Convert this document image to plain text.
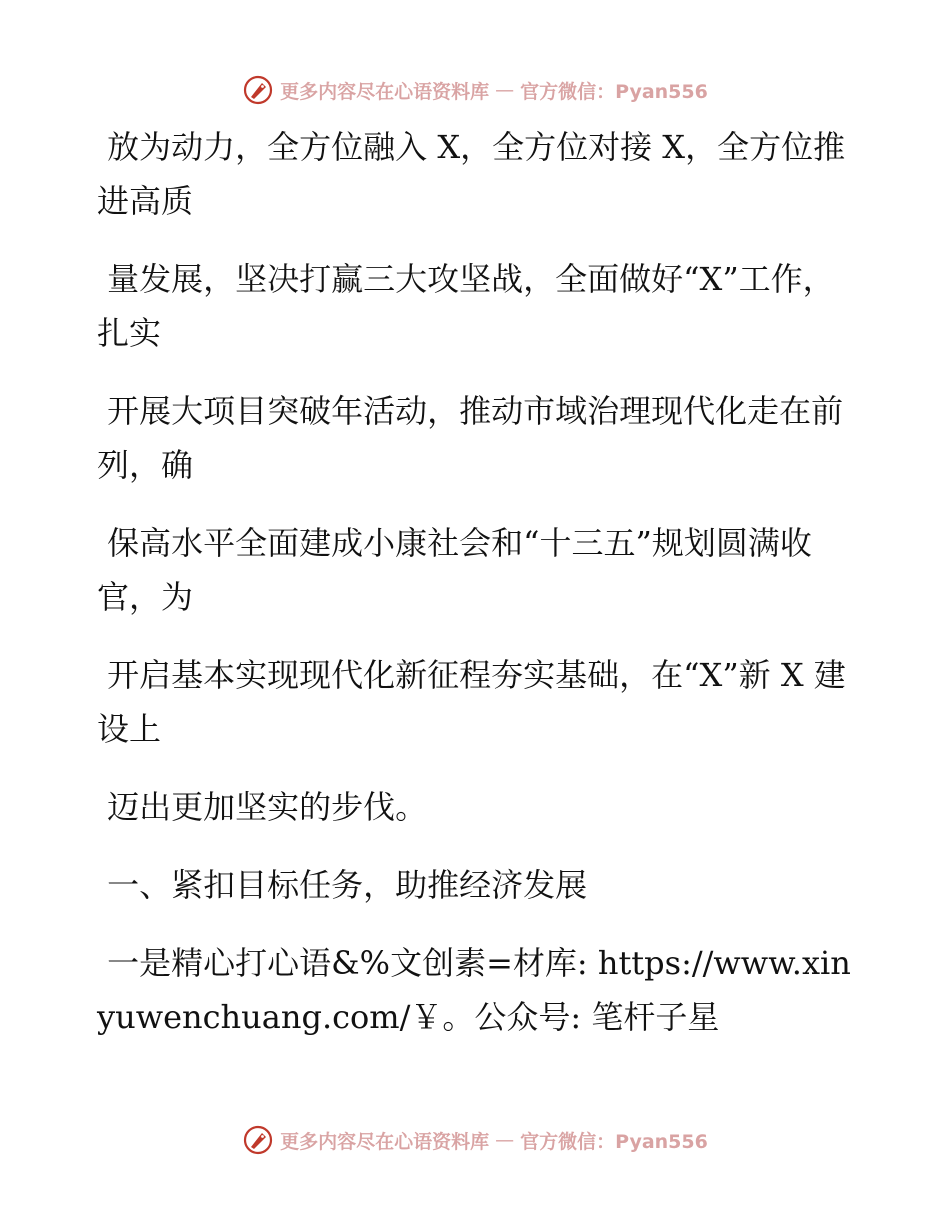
更多内容尽在心语资料库 — 官方微信：Pyan556

放为动力，全方位融入 X，全方位对接 X，全方位推进高质

量发展，坚决打赢三大攻坚战，全面做好“X”工作，扎实

开展大项目突破年活动，推动市域治理现代化走在前列，确

保高水平全面建成小康社会和“十三五”规划圆满收官，为

开启基本实现现代化新征程夯实基础，在“X”新 X 建设上

迈出更加坚实的步伐。

一、紧扣目标任务，助推经济发展

一是精心打心语&%文创素=材库: https://www.xinyuwenchuang.com/￥。公众号: 笔杆子星

更多内容尽在心语资料库 — 官方微信：Pyan556
